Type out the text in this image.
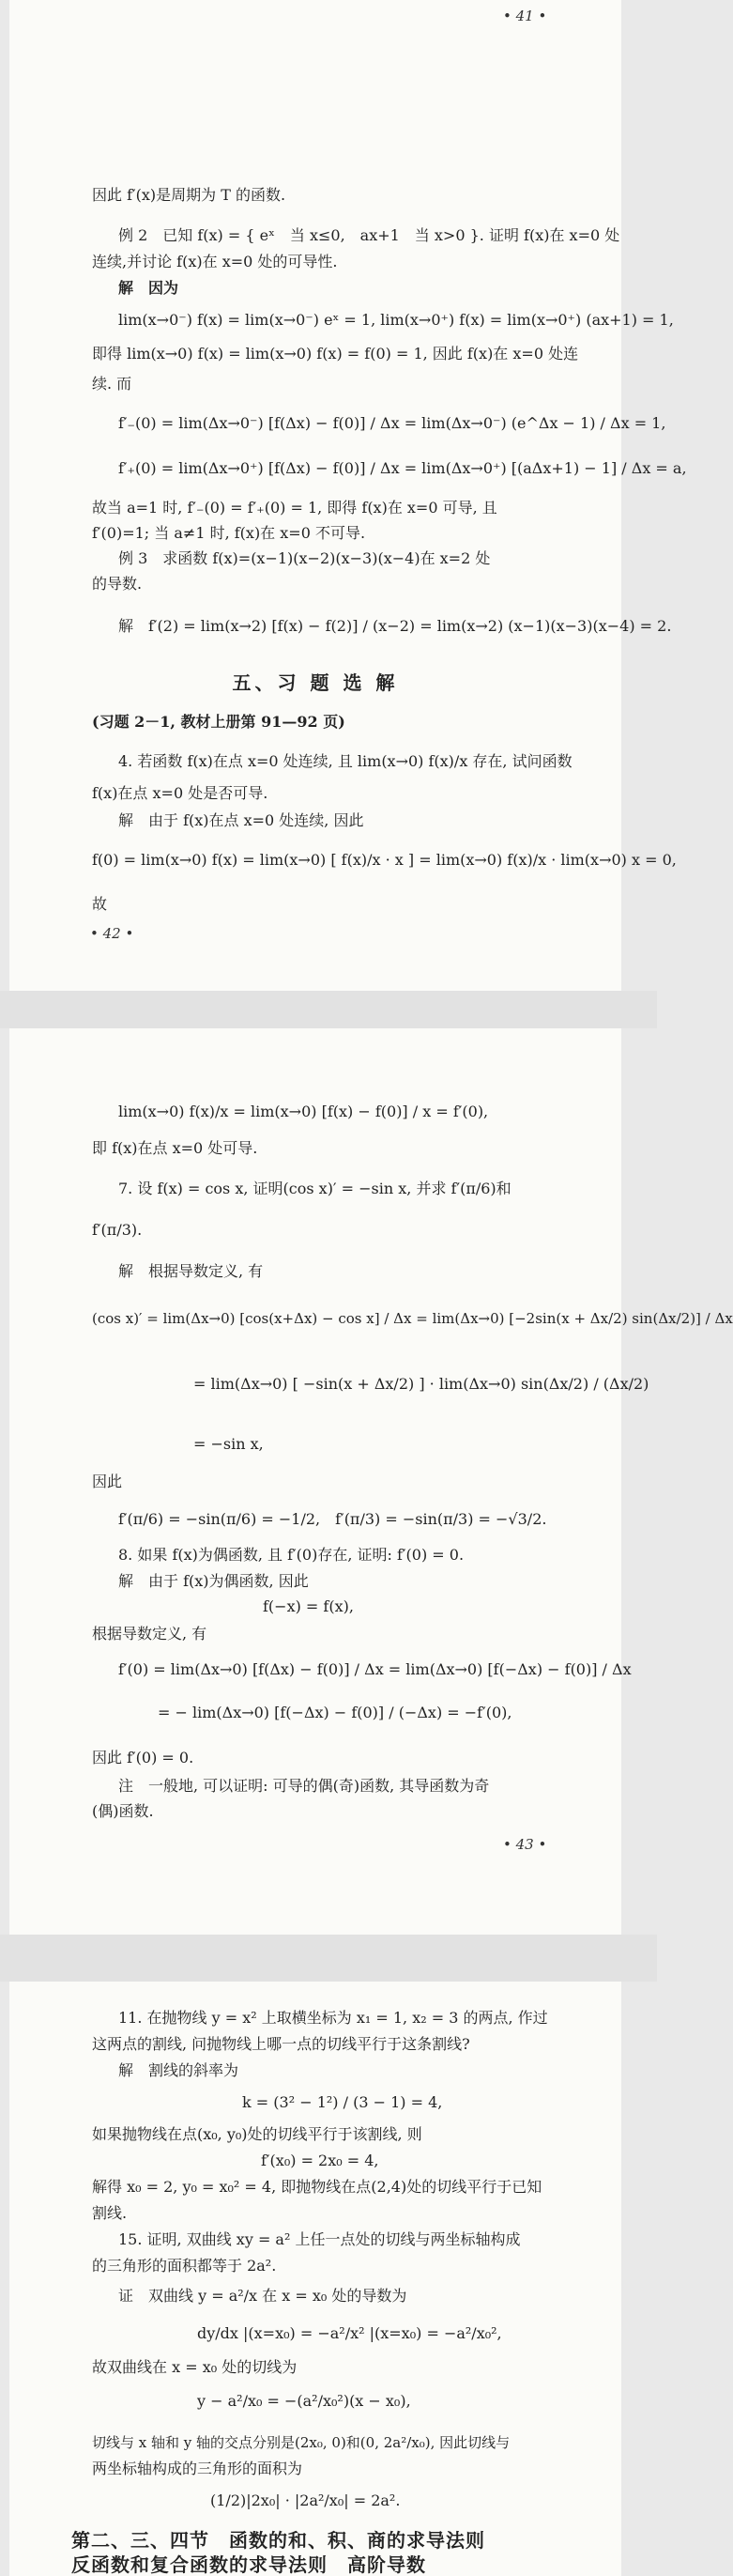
• 41 •
因此 f′(x)是周期为 T 的函数.
例 2　已知 f(x) = { eˣ　当 x≤0,　ax+1　当 x>0 }. 证明 f(x)在 x=0 处
连续,并讨论 f(x)在 x=0 处的可导性.
解　因为
lim(x→0⁻) f(x) = lim(x→0⁻) eˣ = 1, lim(x→0⁺) f(x) = lim(x→0⁺) (ax+1) = 1,
即得 lim(x→0) f(x) = lim(x→0) f(x) = f(0) = 1, 因此 f(x)在 x=0 处连
续. 而
f′₋(0) = lim(Δx→0⁻) [f(Δx) − f(0)] / Δx = lim(Δx→0⁻) (e^Δx − 1) / Δx = 1,
f′₊(0) = lim(Δx→0⁺) [f(Δx) − f(0)] / Δx = lim(Δx→0⁺) [(aΔx+1) − 1] / Δx = a,
故当 a=1 时, f′₋(0) = f′₊(0) = 1, 即得 f(x)在 x=0 可导, 且
f′(0)=1; 当 a≠1 时, f(x)在 x=0 不可导.
例 3　求函数 f(x)=(x−1)(x−2)(x−3)(x−4)在 x=2 处
的导数.
解　f′(2) = lim(x→2) [f(x) − f(2)] / (x−2) = lim(x→2) (x−1)(x−3)(x−4) = 2.
五、习 题 选 解
(习题 2－1, 教材上册第 91—92 页)
4. 若函数 f(x)在点 x=0 处连续, 且 lim(x→0) f(x)/x 存在, 试问函数
f(x)在点 x=0 处是否可导.
解　由于 f(x)在点 x=0 处连续, 因此
f(0) = lim(x→0) f(x) = lim(x→0) [ f(x)/x · x ] = lim(x→0) f(x)/x · lim(x→0) x = 0,
故
• 42 •
lim(x→0) f(x)/x = lim(x→0) [f(x) − f(0)] / x = f′(0),
即 f(x)在点 x=0 处可导.
7. 设 f(x) = cos x, 证明(cos x)′ = −sin x, 并求 f′(π/6)和
f′(π/3).
解　根据导数定义, 有
(cos x)′ = lim(Δx→0) [cos(x+Δx) − cos x] / Δx = lim(Δx→0) [−2sin(x + Δx/2) sin(Δx/2)] / Δx
= lim(Δx→0) [ −sin(x + Δx/2) ] · lim(Δx→0) sin(Δx/2) / (Δx/2)
= −sin x,
因此
f′(π/6) = −sin(π/6) = −1/2,　f′(π/3) = −sin(π/3) = −√3/2.
8. 如果 f(x)为偶函数, 且 f′(0)存在, 证明: f′(0) = 0.
解　由于 f(x)为偶函数, 因此
f(−x) = f(x),
根据导数定义, 有
f′(0) = lim(Δx→0) [f(Δx) − f(0)] / Δx = lim(Δx→0) [f(−Δx) − f(0)] / Δx
= − lim(Δx→0) [f(−Δx) − f(0)] / (−Δx) = −f′(0),
因此 f′(0) = 0.
注　一般地, 可以证明: 可导的偶(奇)函数, 其导函数为奇
(偶)函数.
• 43 •
11. 在抛物线 y = x² 上取横坐标为 x₁ = 1, x₂ = 3 的两点, 作过
这两点的割线, 问抛物线上哪一点的切线平行于这条割线?
解　割线的斜率为
k = (3² − 1²) / (3 − 1) = 4,
如果抛物线在点(x₀, y₀)处的切线平行于该割线, 则
f′(x₀) = 2x₀ = 4,
解得 x₀ = 2, y₀ = x₀² = 4, 即抛物线在点(2,4)处的切线平行于已知
割线.
15. 证明, 双曲线 xy = a² 上任一点处的切线与两坐标轴构成
的三角形的面积都等于 2a².
证　双曲线 y = a²/x 在 x = x₀ 处的导数为
dy/dx |(x=x₀) = −a²/x² |(x=x₀) = −a²/x₀²,
故双曲线在 x = x₀ 处的切线为
y − a²/x₀ = −(a²/x₀²)(x − x₀),
切线与 x 轴和 y 轴的交点分别是(2x₀, 0)和(0, 2a²/x₀), 因此切线与
两坐标轴构成的三角形的面积为
(1/2)|2x₀| · |2a²/x₀| = 2a².
第二、三、四节　函数的和、积、商的求导法则
反函数和复合函数的求导法则　高阶导数
